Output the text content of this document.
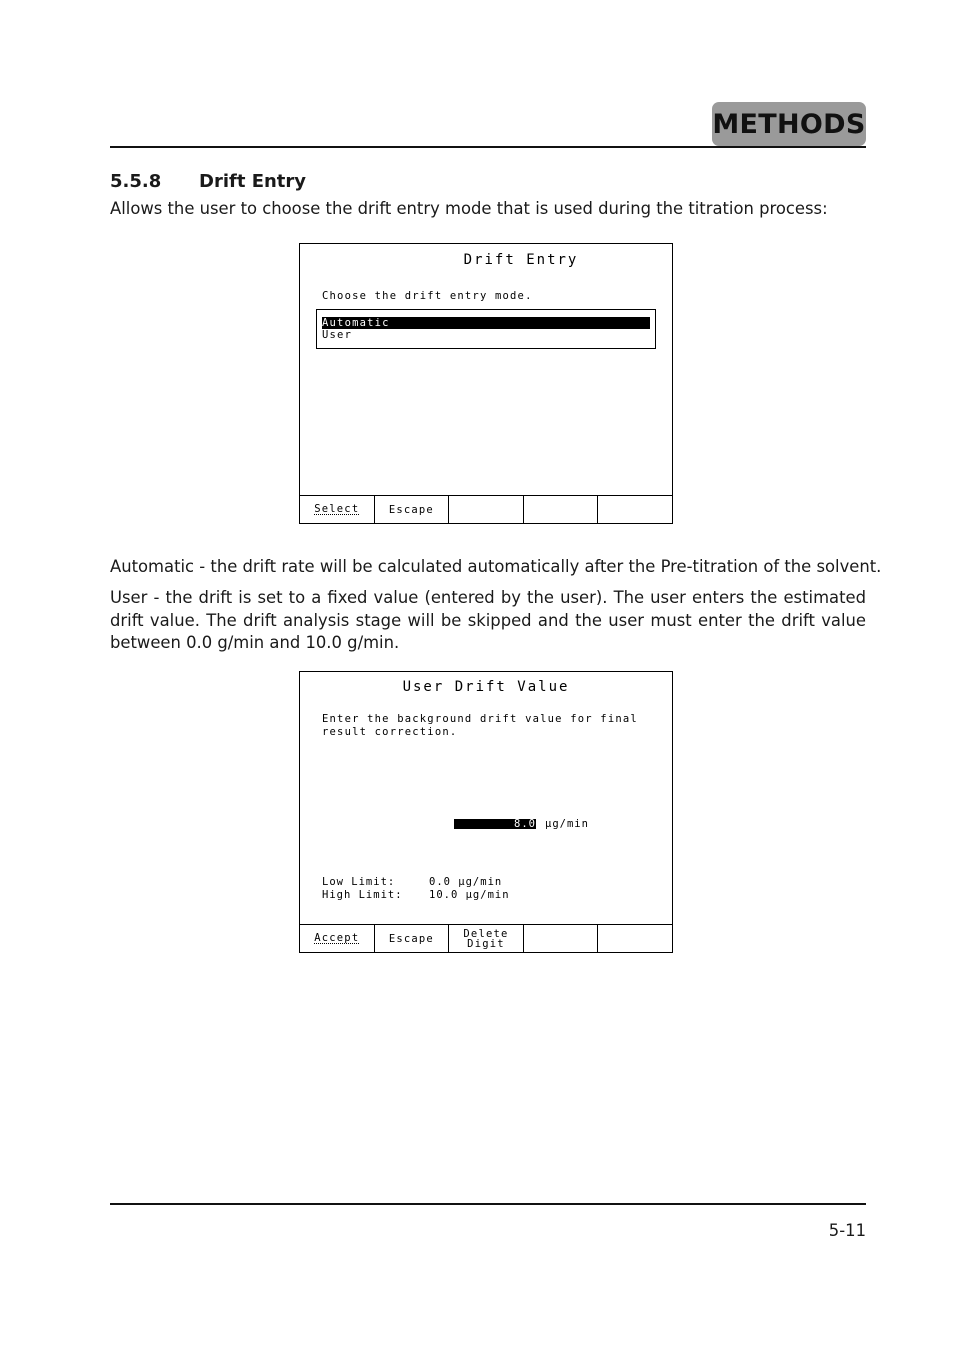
METHODS
5.5.8 Drift Entry
Allows the user to choose the drift entry mode that is used during the titration process:
Drift Entry
Choose the drift entry mode.
Automatic
User
Select	Escape
Automatic - the drift rate will be calculated automatically after the Pre-titration of the solvent.
User - the drift is set to a fixed value (entered by the user). The user enters the estimated drift value. The drift analysis stage will be skipped and the user must enter the drift value between 0.0 g/min and 10.0 g/min.
User Drift Value
Enter the background drift value for final
result correction.
8.0 µg/min
Low Limit:	0.0 µg/min
High Limit:	10.0 µg/min
Accept	Escape	Delete
Digit
5-11
